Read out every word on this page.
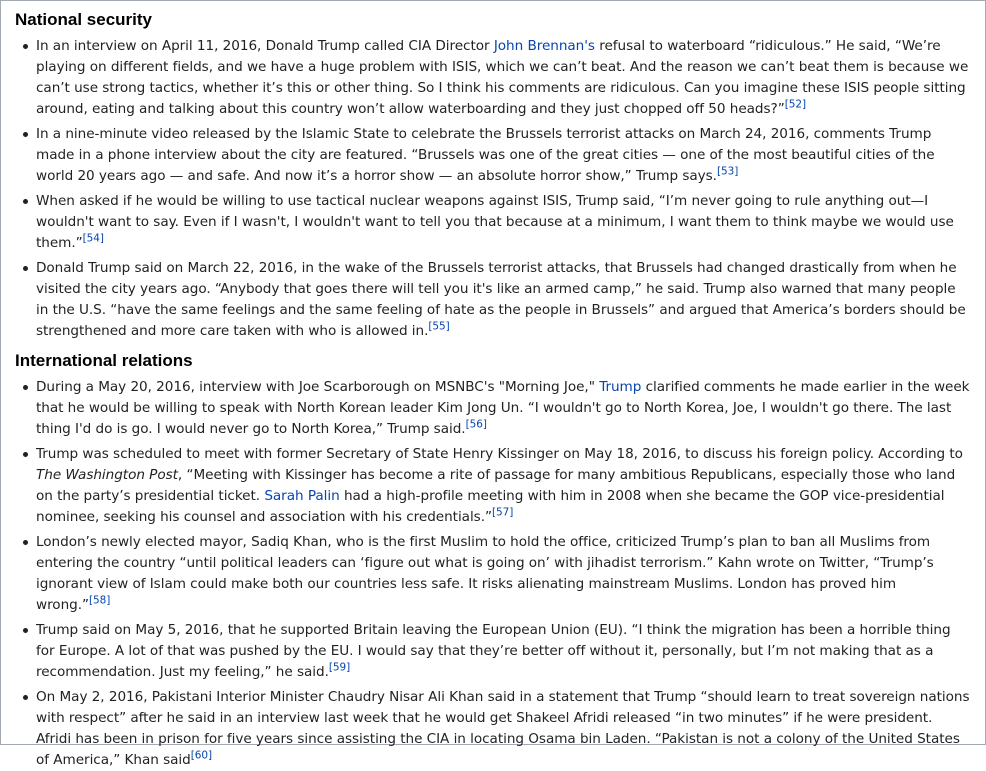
National security
In an interview on April 11, 2016, Donald Trump called CIA Director John Brennan's refusal to waterboard “ridiculous.” He said, “We’re playing on different fields, and we have a huge problem with ISIS, which we can’t beat. And the reason we can’t beat them is because we can’t use strong tactics, whether it’s this or other thing. So I think his comments are ridiculous. Can you imagine these ISIS people sitting around, eating and talking about this country won’t allow waterboarding and they just chopped off 50 heads?”[52]
In a nine-minute video released by the Islamic State to celebrate the Brussels terrorist attacks on March 24, 2016, comments Trump made in a phone interview about the city are featured. “Brussels was one of the great cities — one of the most beautiful cities of the world 20 years ago — and safe. And now it’s a horror show — an absolute horror show,” Trump says.[53]
When asked if he would be willing to use tactical nuclear weapons against ISIS, Trump said, “I’m never going to rule anything out—I wouldn't want to say. Even if I wasn't, I wouldn't want to tell you that because at a minimum, I want them to think maybe we would use them.”[54]
Donald Trump said on March 22, 2016, in the wake of the Brussels terrorist attacks, that Brussels had changed drastically from when he visited the city years ago. “Anybody that goes there will tell you it's like an armed camp,” he said. Trump also warned that many people in the U.S. “have the same feelings and the same feeling of hate as the people in Brussels” and argued that America’s borders should be strengthened and more care taken with who is allowed in.[55]
International relations
During a May 20, 2016, interview with Joe Scarborough on MSNBC's "Morning Joe," Trump clarified comments he made earlier in the week that he would be willing to speak with North Korean leader Kim Jong Un. “I wouldn't go to North Korea, Joe, I wouldn't go there. The last thing I'd do is go. I would never go to North Korea,” Trump said.[56]
Trump was scheduled to meet with former Secretary of State Henry Kissinger on May 18, 2016, to discuss his foreign policy. According to The Washington Post, “Meeting with Kissinger has become a rite of passage for many ambitious Republicans, especially those who land on the party’s presidential ticket. Sarah Palin had a high-profile meeting with him in 2008 when she became the GOP vice-presidential nominee, seeking his counsel and association with his credentials.”[57]
London’s newly elected mayor, Sadiq Khan, who is the first Muslim to hold the office, criticized Trump’s plan to ban all Muslims from entering the country “until political leaders can ‘figure out what is going on’ with jihadist terrorism.” Kahn wrote on Twitter, “Trump’s ignorant view of Islam could make both our countries less safe. It risks alienating mainstream Muslims. London has proved him wrong.”[58]
Trump said on May 5, 2016, that he supported Britain leaving the European Union (EU). “I think the migration has been a horrible thing for Europe. A lot of that was pushed by the EU. I would say that they’re better off without it, personally, but I’m not making that as a recommendation. Just my feeling,” he said.[59]
On May 2, 2016, Pakistani Interior Minister Chaudry Nisar Ali Khan said in a statement that Trump “should learn to treat sovereign nations with respect” after he said in an interview last week that he would get Shakeel Afridi released “in two minutes” if he were president. Afridi has been in prison for five years since assisting the CIA in locating Osama bin Laden. “Pakistan is not a colony of the United States of America,” Khan said[60]
